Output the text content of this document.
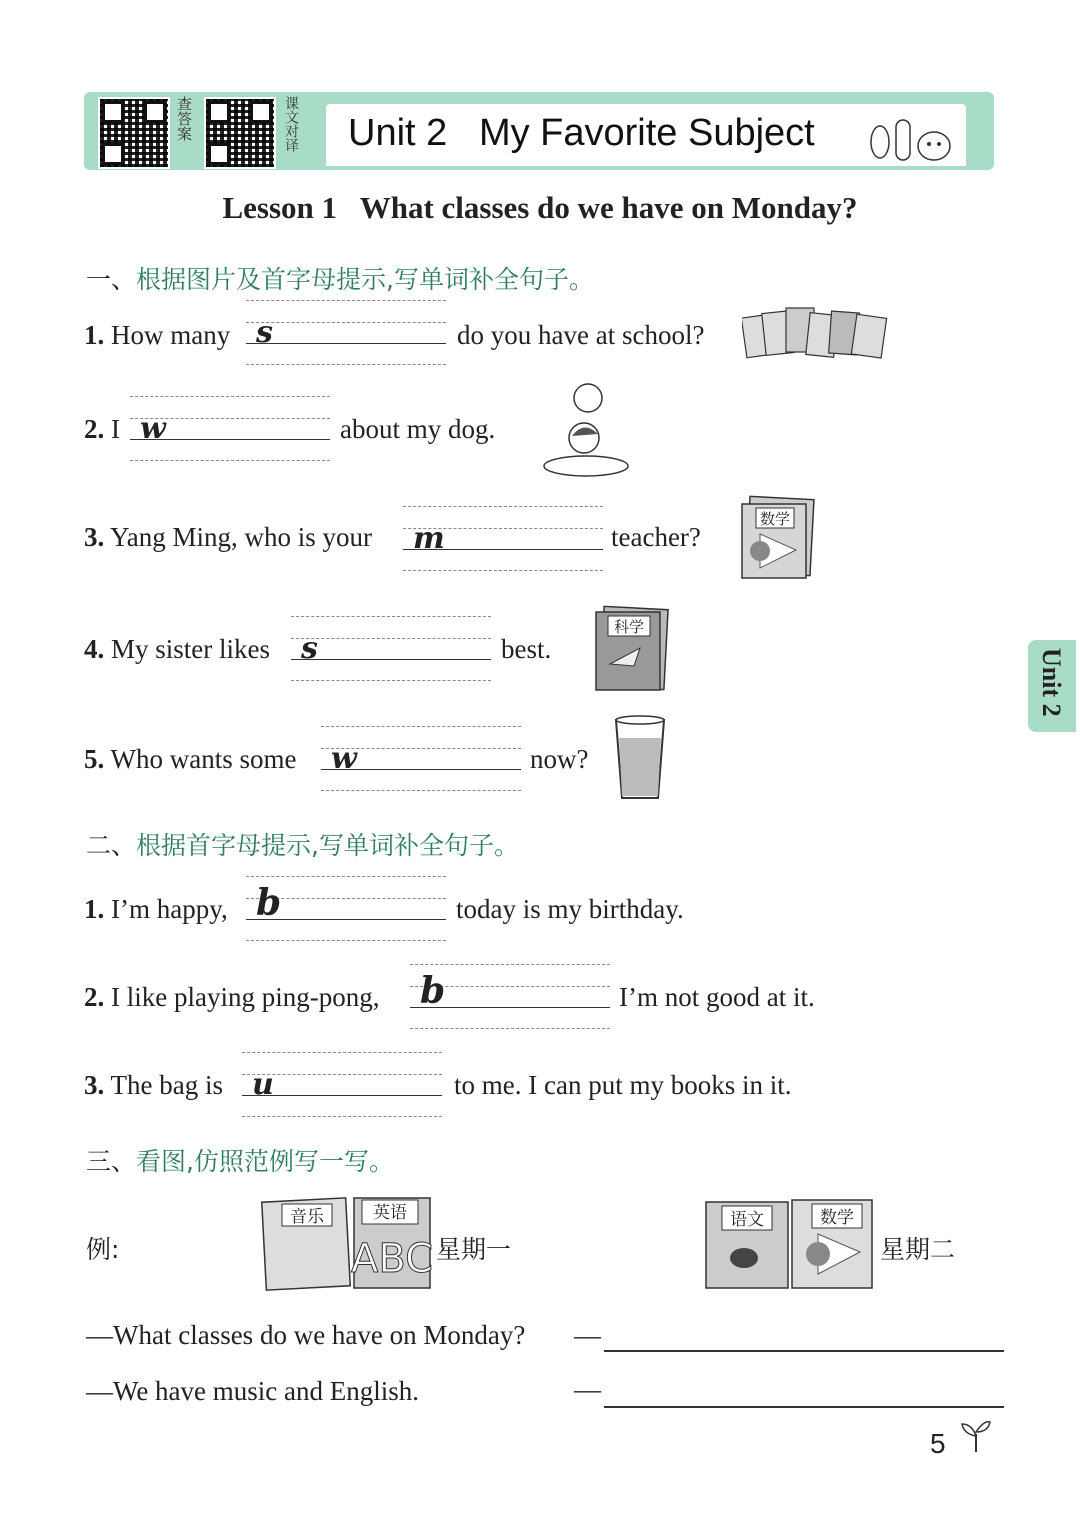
查答案	课文对译 Unit 2   My Favorite Subject
Lesson 1   What classes do we have on Monday?
一、根据图片及首字母提示,写单词补全句子。
1. How many s	do you have at school?
2. I w	about my dog.
3. Yang Ming, who is your m	teacher?
数学
4. My sister likes s	best.
科学
5. Who wants some w	now?
二、根据首字母提示,写单词补全句子。
1. I’m happy, b	today is my birthday.
2. I like playing ping-pong, b	I’m not good at it.
3. The bag is u	to me. I can put my books in it.
三、看图,仿照范例写一写。
例:
音乐	英语
ABC 星期一
语文	数学
星期二
—What classes do we have on Monday?
—We have music and English.
—
—
Unit 2
5
